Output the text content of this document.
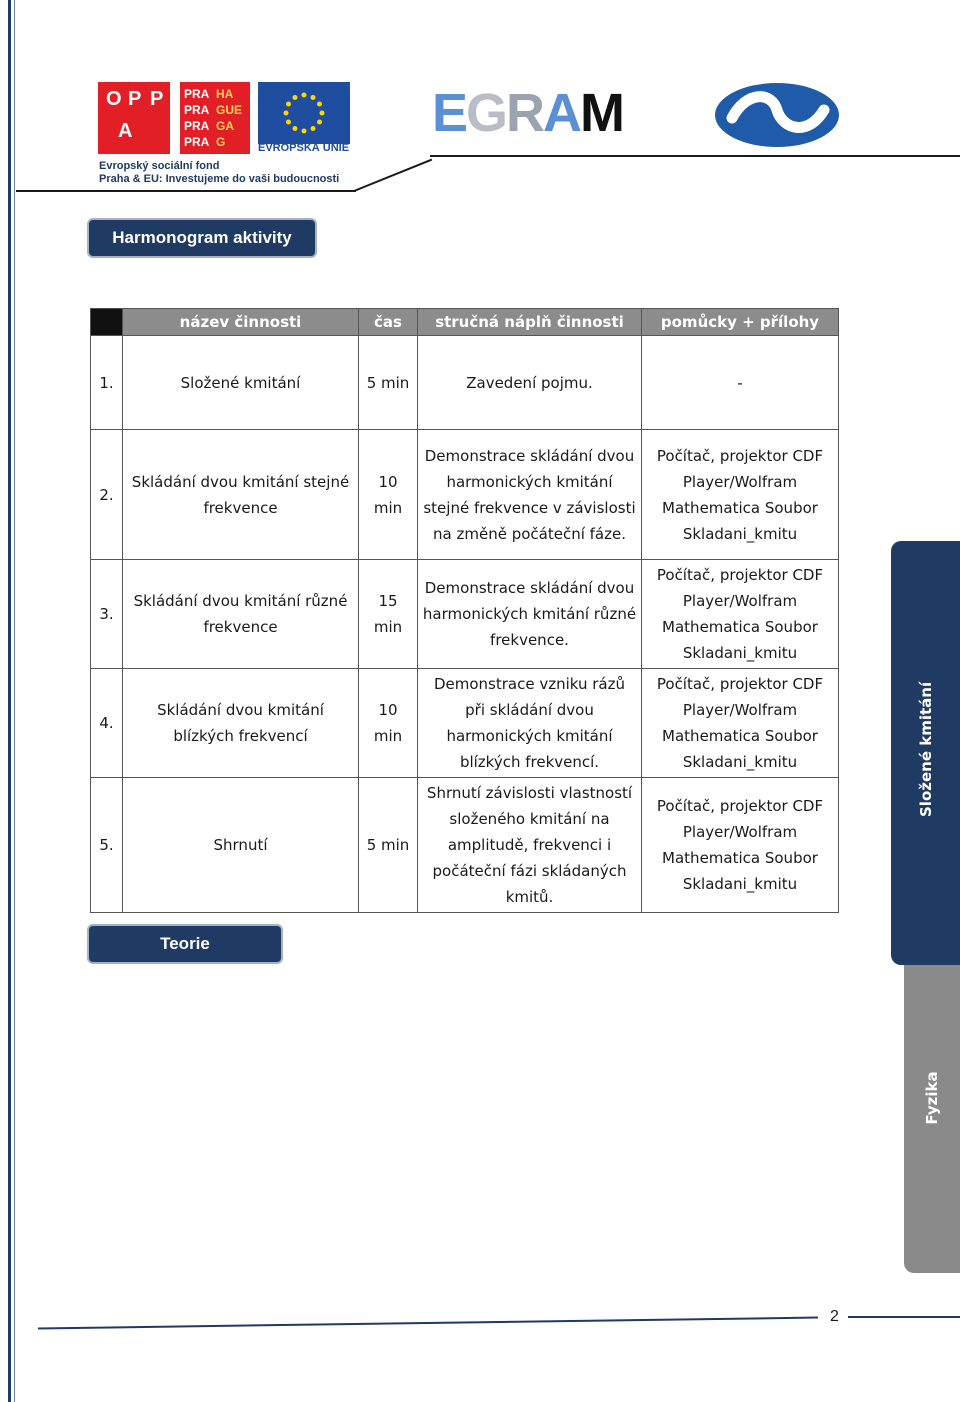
O P P
A
PRA
PRA
PRA
PRA
HA
GUE
GA
G	EVROPSKÁ UNIE
Evropský sociální fond
Praha & EU: Investujeme do vaši budoucnosti
EGRAM
Harmonogram aktivity
	název činnosti	čas	stručná náplň činnosti	pomůcky + přílohy
1.	Složené kmitání	5 min	Zavedení pojmu.	-
2.	Skládání dvou kmitání stejné frekvence	10 min	Demonstrace skládání dvou harmonických kmitání stejné frekvence v závislosti na změně počáteční fáze.	Počítač, projektor CDF Player/Wolfram Mathematica Soubor Skladani_kmitu
3.	Skládání dvou kmitání různé frekvence	15 min	Demonstrace skládání dvou harmonických kmitání různé frekvence.	Počítač, projektor CDF Player/Wolfram Mathematica Soubor Skladani_kmitu
4.	Skládání dvou kmitání blízkých frekvencí	10 min	Demonstrace vzniku rázů při skládání dvou harmonických kmitání blízkých frekvencí.	Počítač, projektor CDF Player/Wolfram Mathematica Soubor Skladani_kmitu
5.	Shrnutí	5 min	Shrnutí závislosti vlastností složeného kmitání na amplitudě, frekvenci i počáteční fázi skládaných kmitů.	Počítač, projektor CDF Player/Wolfram Mathematica Soubor Skladani_kmitu
Teorie
Složené kmitání
Fyzika
2
